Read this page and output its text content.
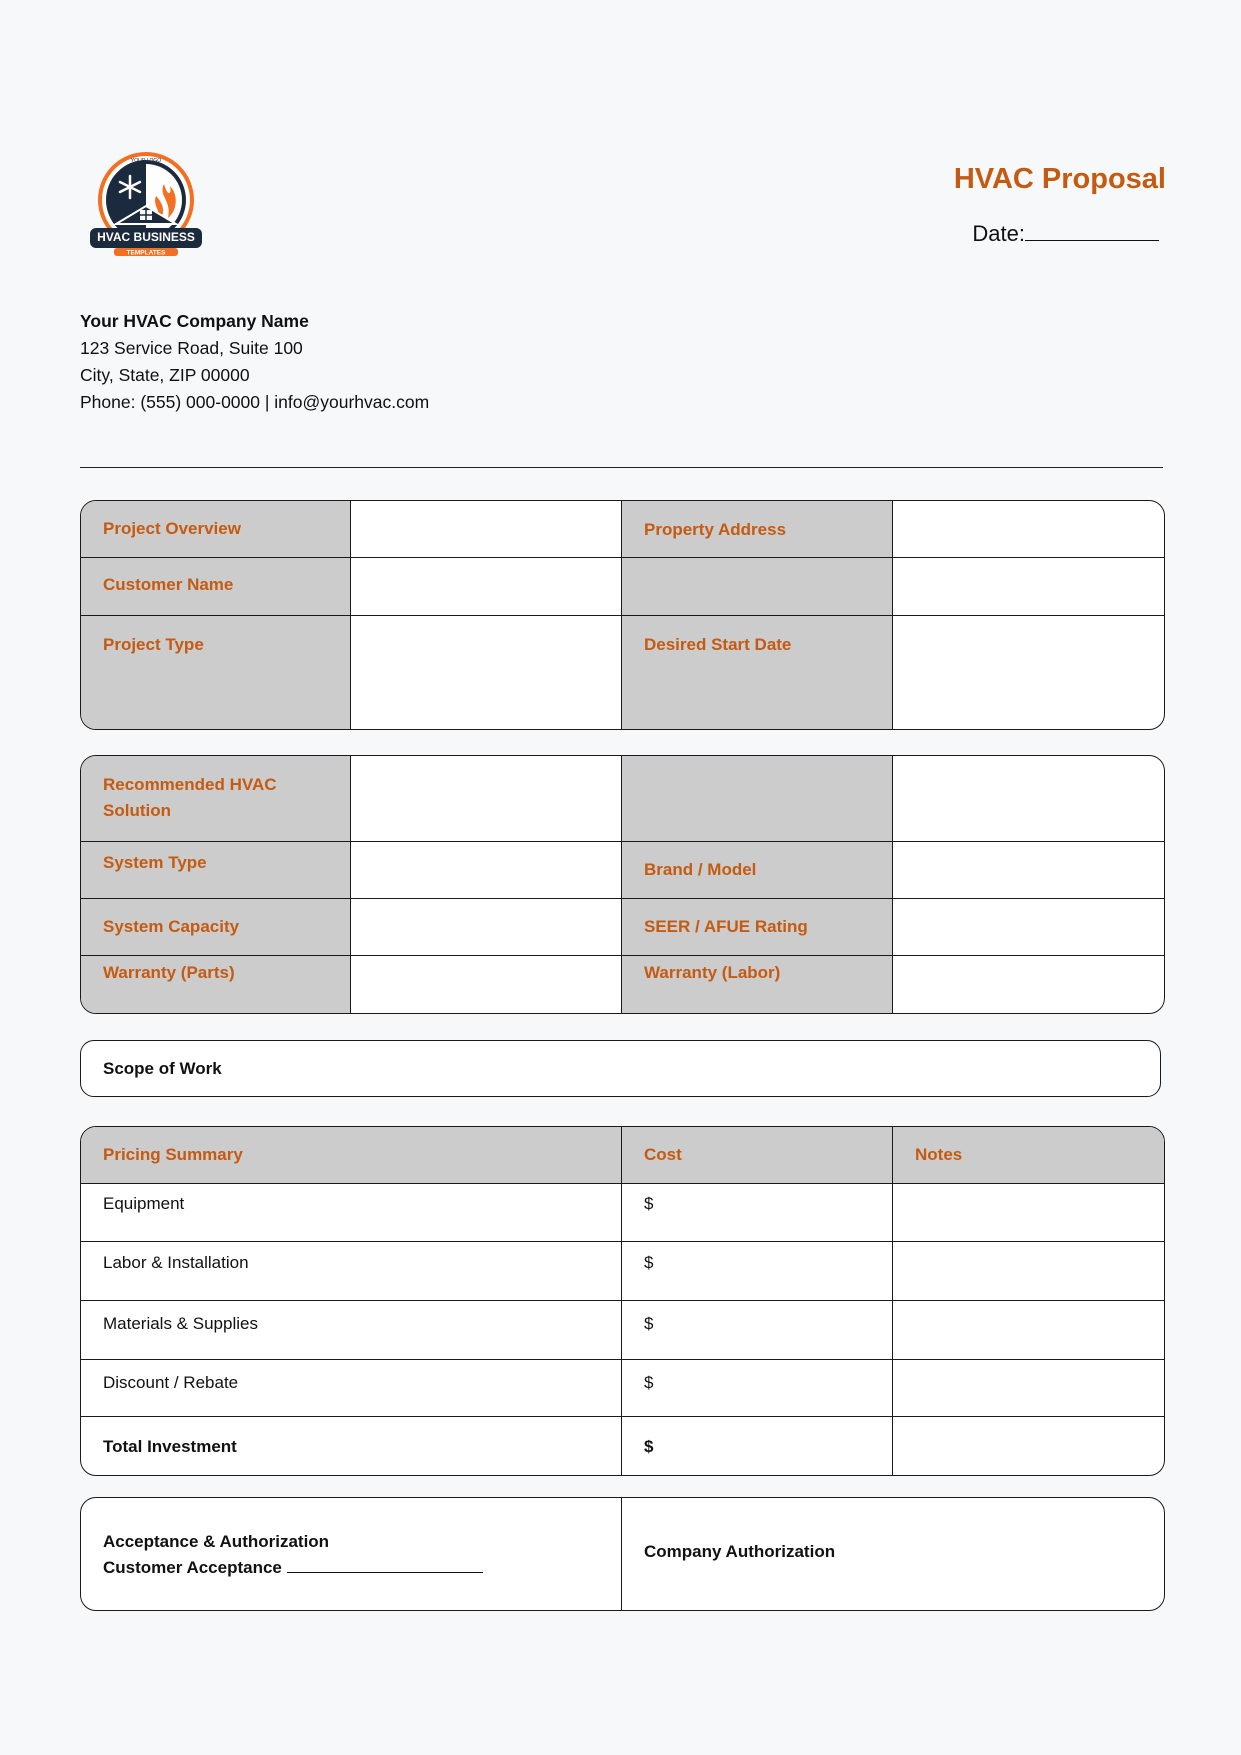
YOUR LOGO
HVAC BUSINESS
TEMPLATES
HVAC Proposal
Date:
Your HVAC Company Name
123 Service Road, Suite 100
City, State, ZIP 00000
Phone: (555) 000-0000 | info@yourhvac.com
Project Overview		Property Address	
Customer Name			
Project Type		Desired Start Date	
Recommended HVAC Solution			
System Type		Brand / Model	
System Capacity		SEER / AFUE Rating	
Warranty (Parts)		Warranty (Labor)	
Scope of Work
Pricing Summary	Cost	Notes
Equipment	$	
Labor & Installation	$	
Materials & Supplies	$	
Discount / Rebate	$	
Total Investment	$	
Acceptance & Authorization
Customer Acceptance
	Company Authorization
